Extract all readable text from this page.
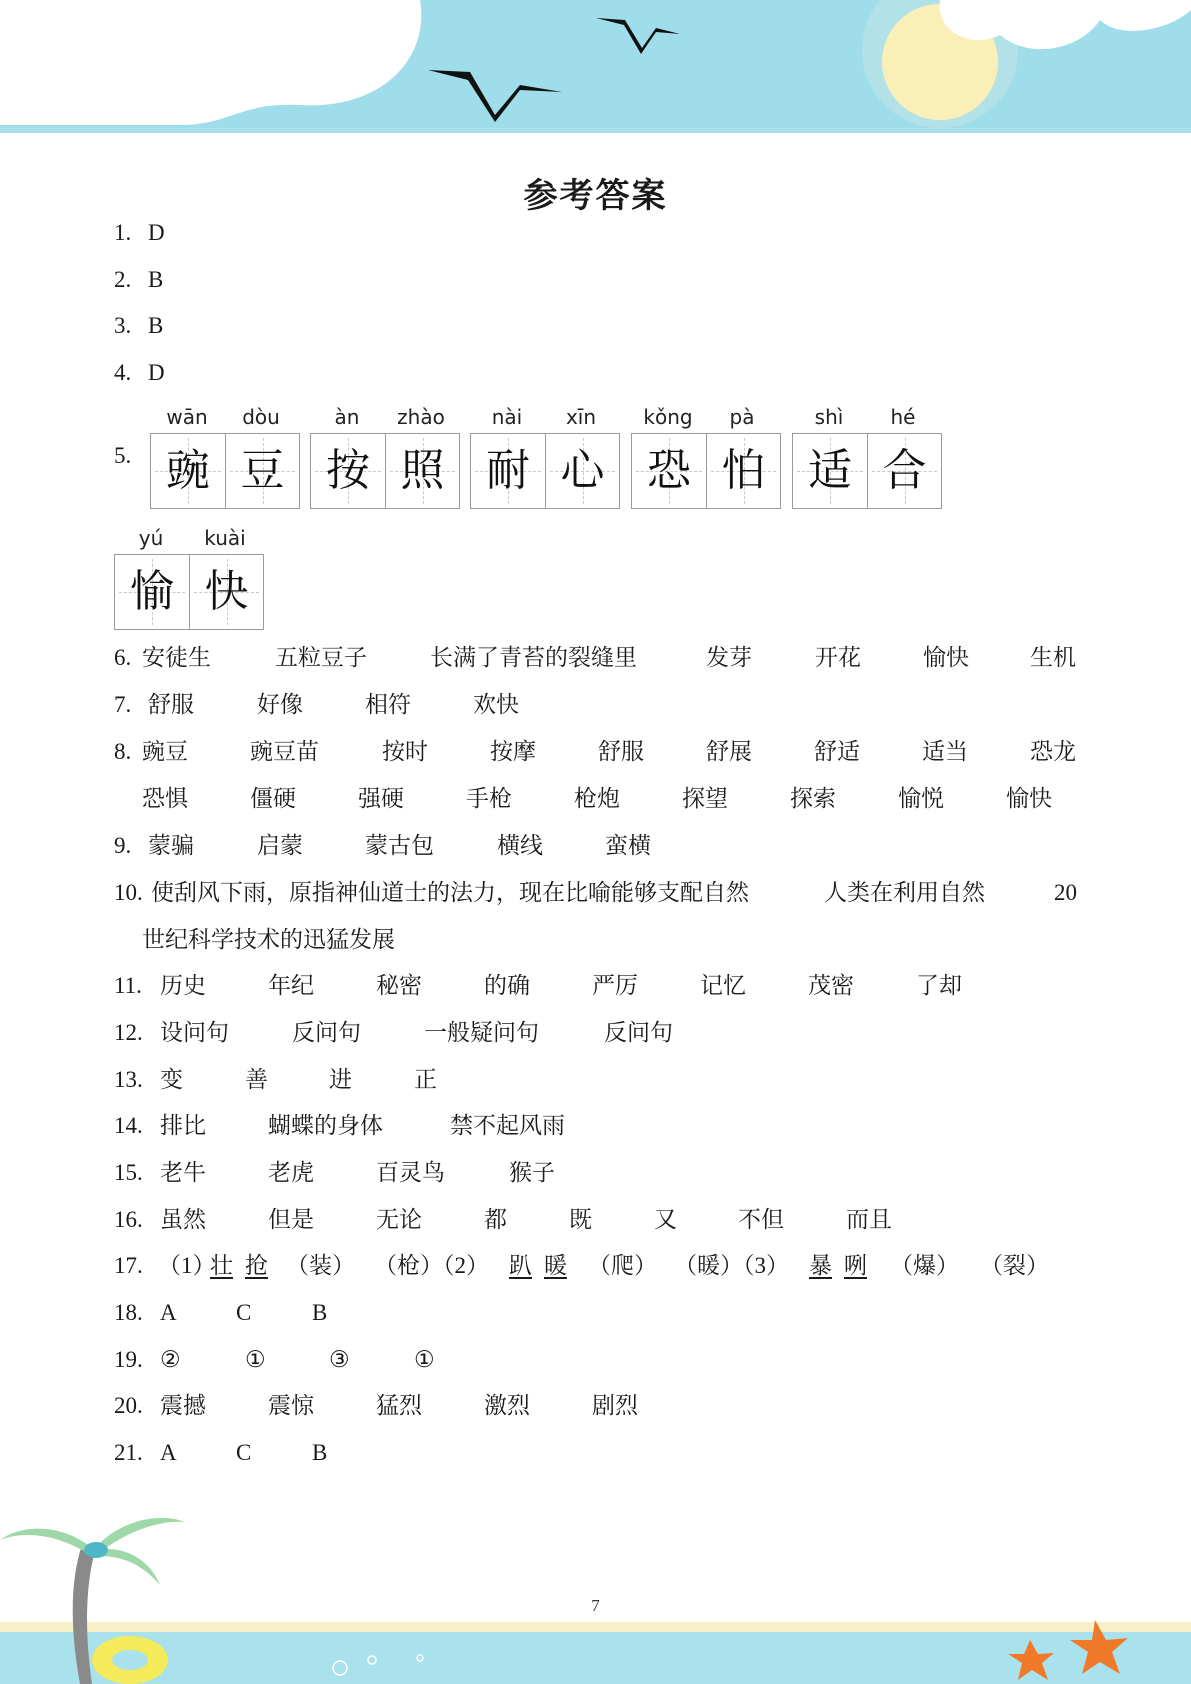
参考答案
1. D
2. B
3. B
4. D
5.
wān	dòu
豌 豆
àn	zhào
按 照
nài	xīn
耐 心
kǒng	pà
恐 怕
shì	hé
适 合
yú	kuài
愉 快
6. 安徒生	五粒豆子	长满了青苔的裂缝里	发芽	开花	愉快	生机
7. 舒服	好像	相符	欢快
8. 豌豆	豌豆苗	按时	按摩	舒服	舒展	舒适	适当	恐龙
恐惧	僵硬	强硬	手枪	枪炮	探望	探索	愉悦	愉快
9. 蒙骗	启蒙	蒙古包	横线	蛮横
10. 使刮风下雨，原指神仙道士的法力，现在比喻能够支配自然	人类在利用自然	20
世纪科学技术的迅猛发展
11. 历史	年纪	秘密	的确	严厉	记忆	茂密	了却
12. 设问句	反问句	一般疑问句	反问句
13. 变	善	进	正
14. 排比	蝴蝶的身体	禁不起风雨
15. 老牛	老虎	百灵鸟	猴子
16. 虽然	但是	无论	都	既	又	不但	而且
17. （1）
壮 抢 （装） （枪）（2） 趴 暖 （爬） （暖）（3） 暴 咧 （爆） （裂）
18. A	C	B
19. ②	①	③	①
20. 震撼	震惊	猛烈	激烈	剧烈
21. A	C	B
7
